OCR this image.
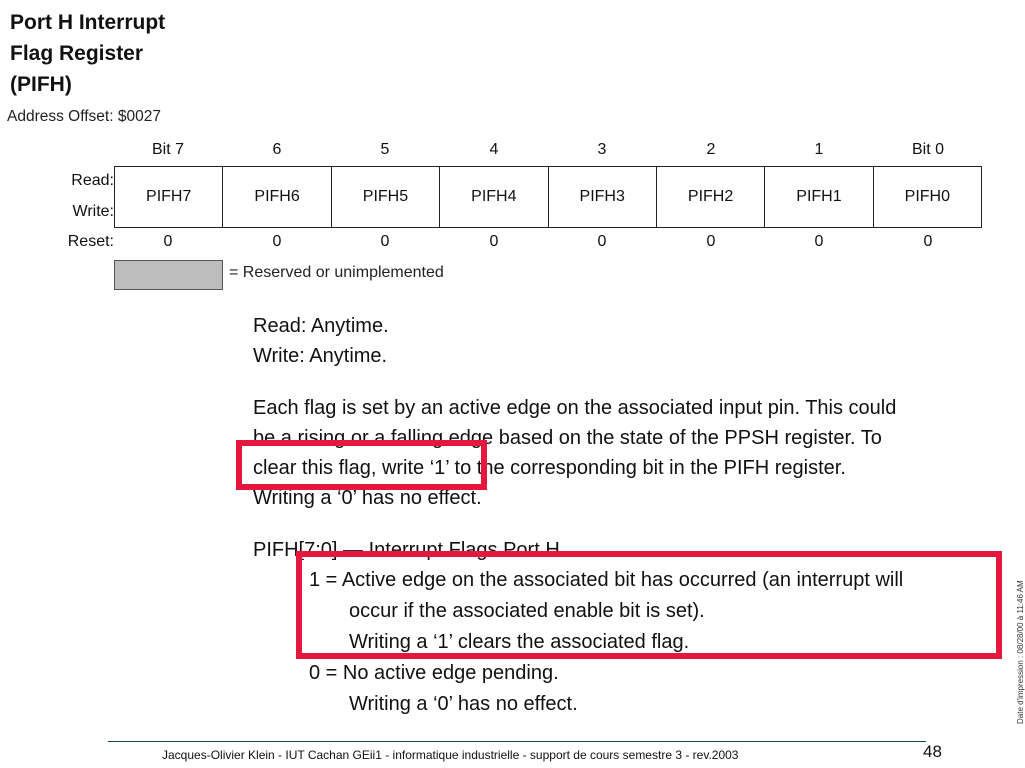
Port H Interrupt
Flag Register
(PIFH)
Address Offset: $0027
Bit 7	6	5	4	3	2	1	Bit 0
Read:
Write:
PIFH7	PIFH6	PIFH5	PIFH4	PIFH3	PIFH2	PIFH1	PIFH0
Reset:	0	0	0	0	0	0	0	0
= Reserved or unimplemented
Read: Anytime.
Write: Anytime.
Each flag is set by an active edge on the associated input pin. This could
be a rising or a falling edge based on the state of the PPSH register. To
clear this flag, write ‘1’ to the corresponding bit in the PIFH register.
Writing a ‘0’ has no effect.
PIFH[7:0] — Interrupt Flags Port H
1 = Active edge on the associated bit has occurred (an interrupt will
occur if the associated enable bit is set).
Writing a ‘1’ clears the associated flag.
0 = No active edge pending.
Writing a ‘0’ has no effect.
Jacques-Olivier Klein - IUT Cachan GEii1 - informatique industrielle - support de cours semestre 3 - rev.2003	48
Date d'impression : 08/28/00 à 11:46 AM
